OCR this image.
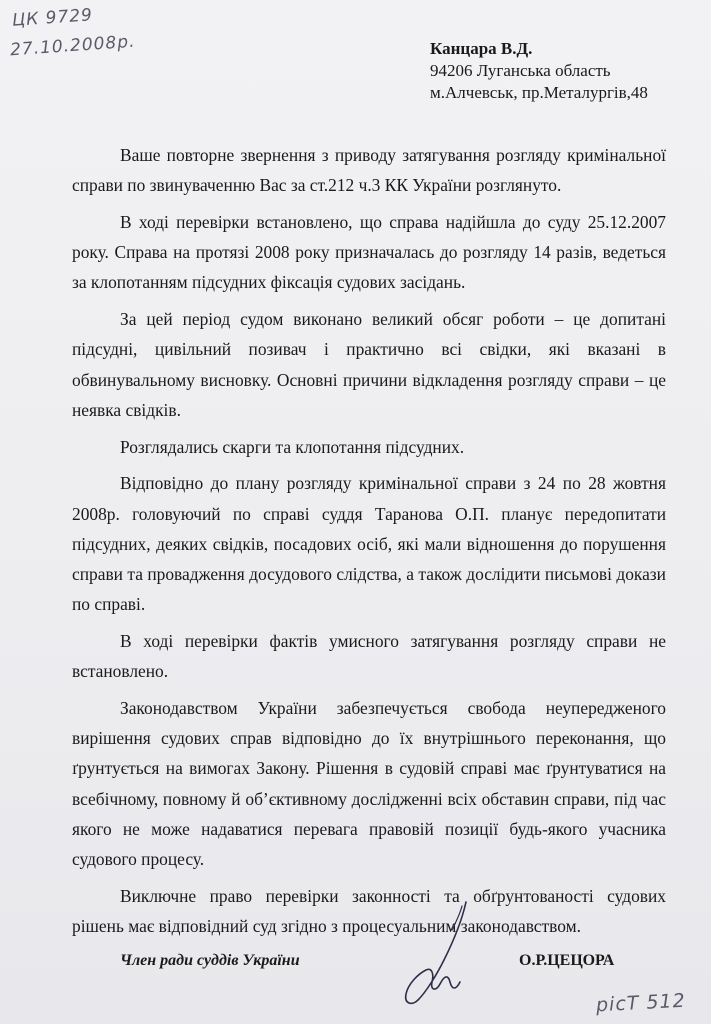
ЦК 9729
27.10.2008р.	Канцара В.Д.
94206 Луганська область
м.Алчевськ, пр.Металургів,48

Ваше повторне звернення з приводу затягування розгляду кримінальної справи по звинуваченню Вас за ст.212 ч.3 КК України розглянуто.

В ході перевірки встановлено, що справа надійшла до суду 25.12.2007 року. Справа на протязі 2008 року призначалась до розгляду 14 разів, ведеться за клопотанням підсудних фіксація судових засідань.

За цей період судом виконано великий обсяг роботи – це допитані підсудні, цивільний позивач і практично всі свідки, які вказані в обвинувальному висновку. Основні причини відкладення розгляду справи – це неявка свідків.

Розглядались скарги та клопотання підсудних.

Відповідно до плану розгляду кримінальної справи з 24 по 28 жовтня 2008р. головуючий по справі суддя Таранова О.П. планує передопитати підсудних, деяких свідків, посадових осіб, які мали відношення до порушення справи та провадження досудового слідства, а також дослідити письмові докази по справі.

В ході перевірки фактів умисного затягування розгляду справи не встановлено.

Законодавством України забезпечується свобода неупередженого вирішення судових справ відповідно до їх внутрішнього переконання, що ґрунтується на вимогах Закону. Рішення в судовій справі має ґрунтуватися на всебічному, повному й об’єктивному дослідженні всіх обставин справи, під час якого не може надаватися перевага правовій позиції будь-якого учасника судового процесу.

Виключне право перевірки законності та обґрунтованості судових рішень має відповідний суд згідно з процесуальним законодавством.

Член ради суддів України	О.Р.ЦЕЦОРА
рісТ 512
